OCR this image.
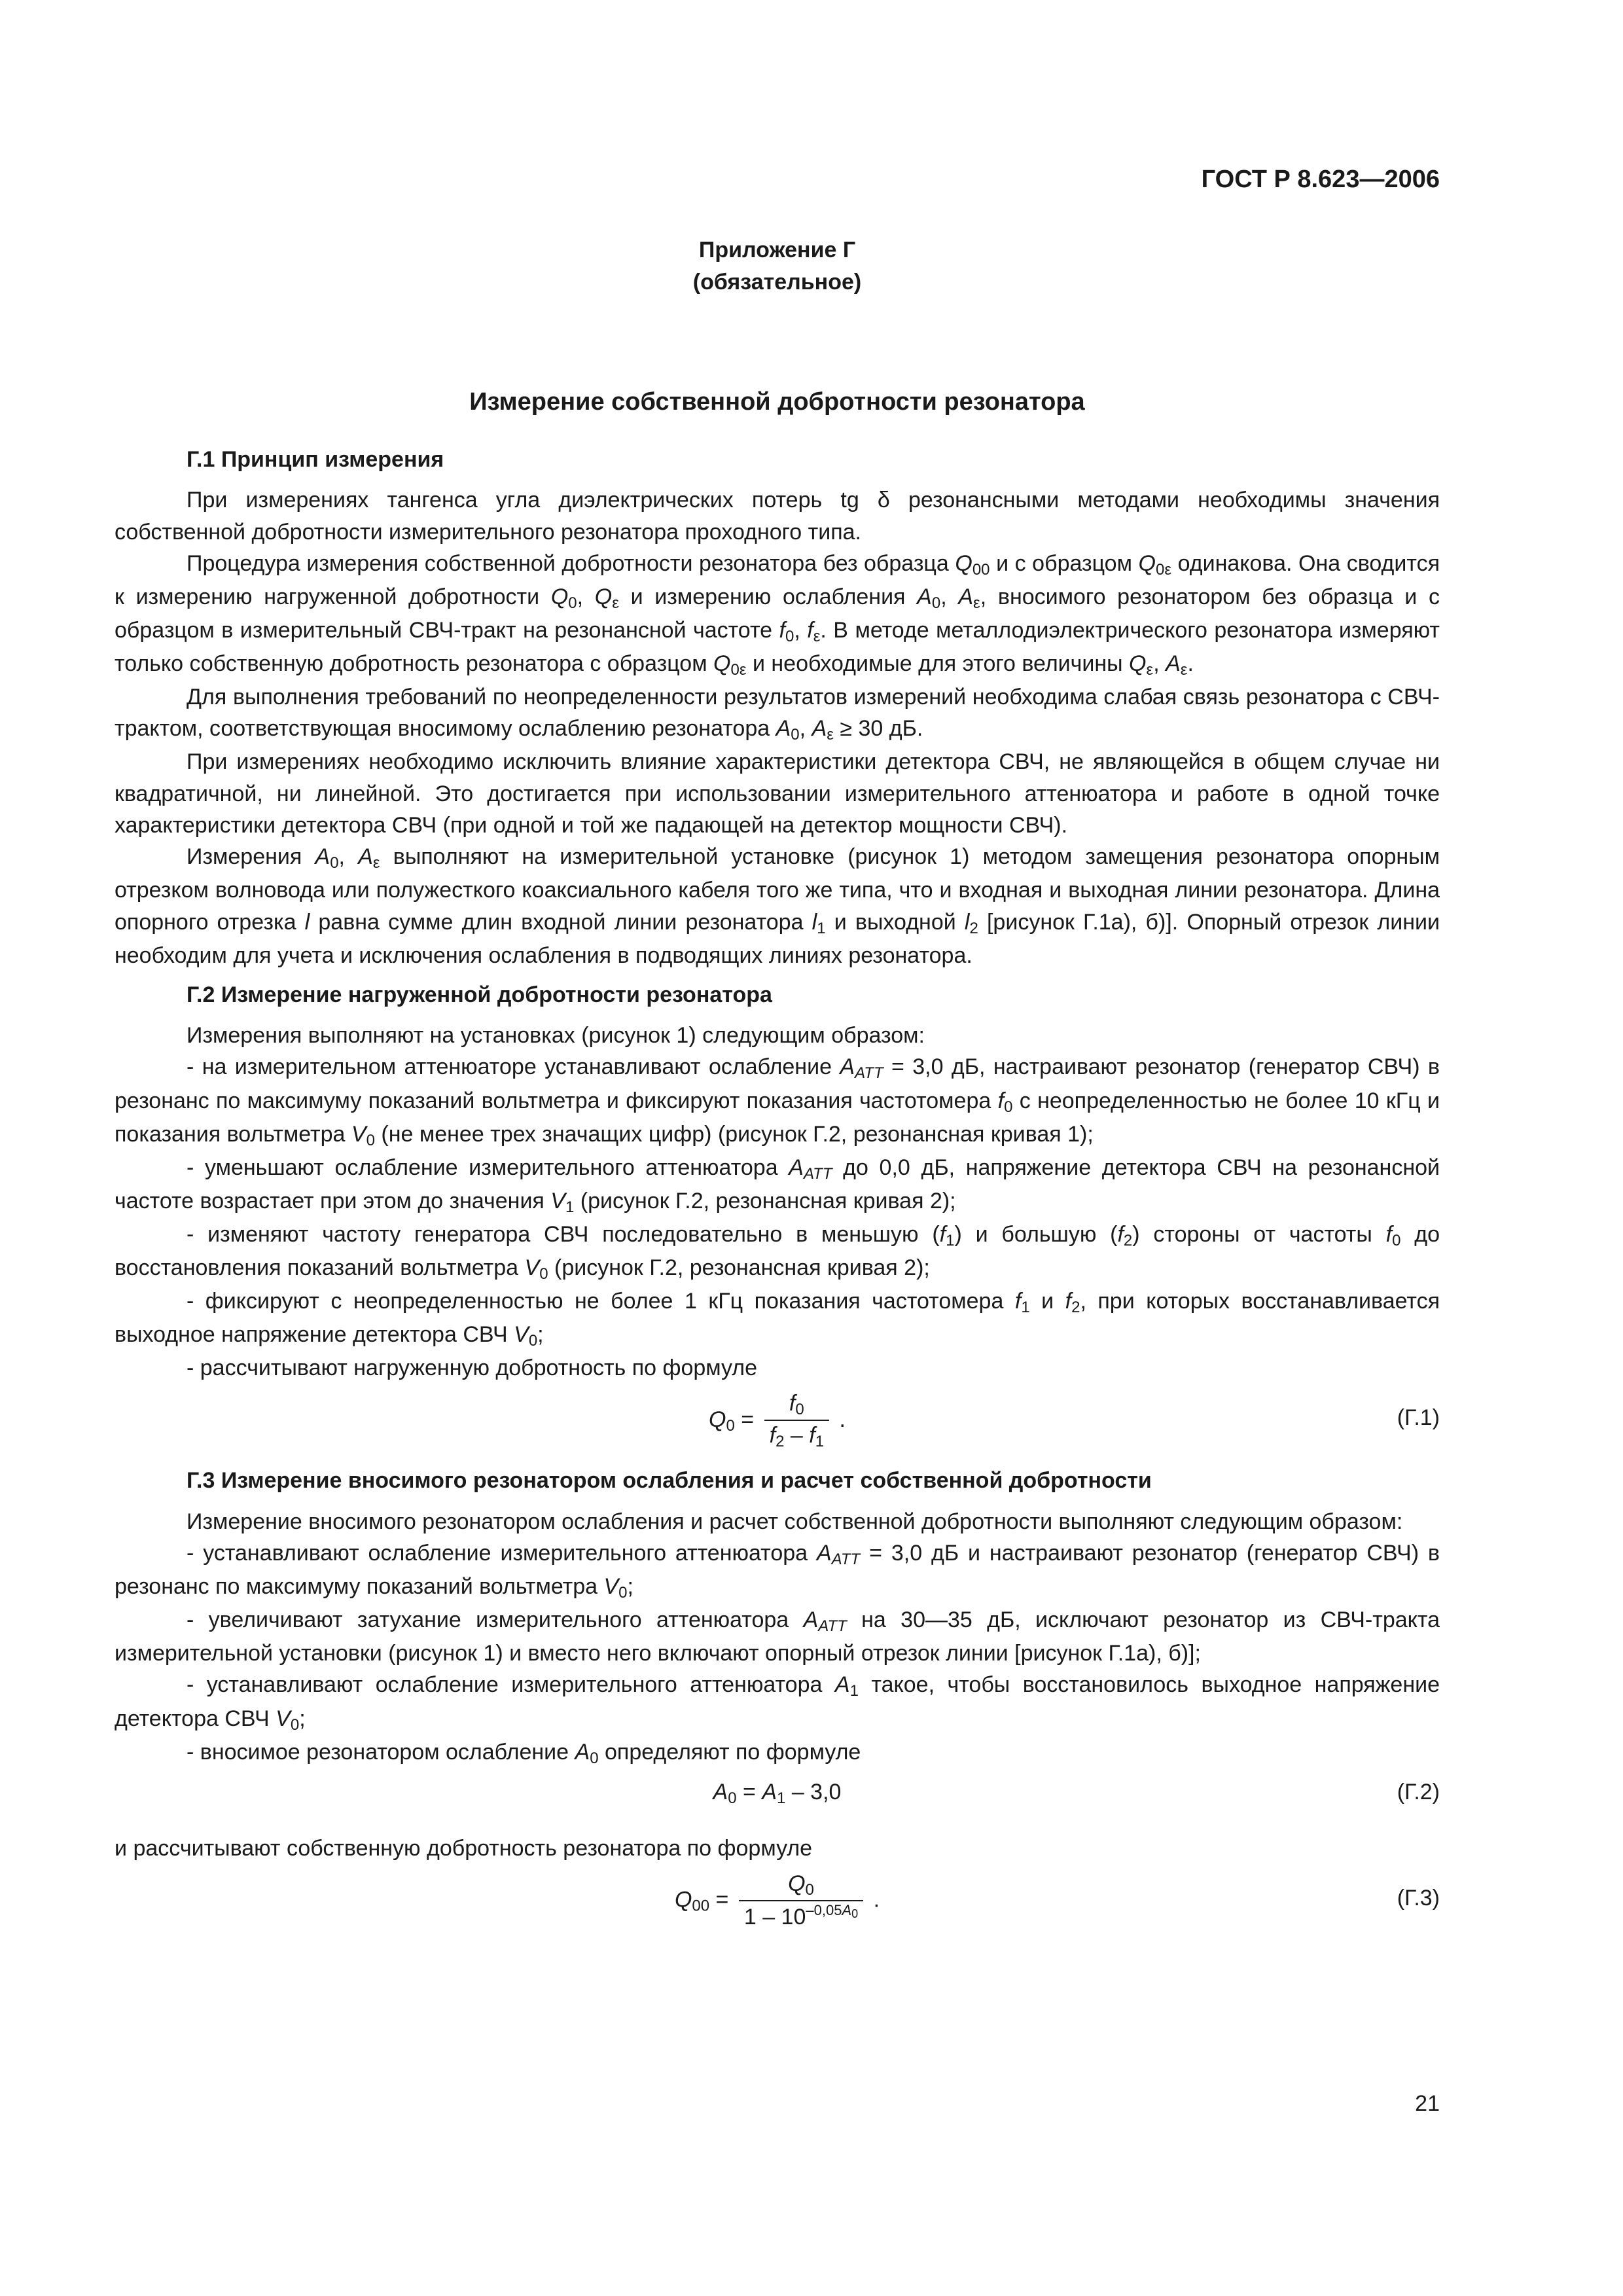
ГОСТ Р 8.623—2006
Приложение Г
(обязательное)
Измерение собственной добротности резонатора
Г.1 Принцип измерения

При измерениях тангенса угла диэлектрических потерь tg δ резонансными методами необходимы значения собственной добротности измерительного резонатора проходного типа.

Процедура измерения собственной добротности резонатора без образца $Q_{00}$ и с образцом $Q_{0\varepsilon}$ одинакова. Она сводится к измерению нагруженной добротности $Q_0$, $Q_\varepsilon$ и измерению ослабления $A_0$, $A_\varepsilon$, вносимого резонатором без образца и с образцом в измерительный СВЧ-тракт на резонансной частоте $f_0$, $f_\varepsilon$. В методе металлодиэлектрического резонатора измеряют только собственную добротность резонатора с образцом $Q_{0\varepsilon}$ и необходимые для этого величины $Q_\varepsilon$, $A_\varepsilon$.

Для выполнения требований по неопределенности результатов измерений необходима слабая связь резонатора с СВЧ-трактом, соответствующая вносимому ослаблению резонатора $A_0$, $A_\varepsilon \ge 30$ дБ.

При измерениях необходимо исключить влияние характеристики детектора СВЧ, не являющейся в общем случае ни квадратичной, ни линейной. Это достигается при использовании измерительного аттенюатора и работе в одной точке характеристики детектора СВЧ (при одной и той же падающей на детектор мощности СВЧ).

Измерения $A_0$, $A_\varepsilon$ выполняют на измерительной установке (рисунок 1) методом замещения резонатора опорным отрезком волновода или полужесткого коаксиального кабеля того же типа, что и входная и выходная линии резонатора. Длина опорного отрезка l равна сумме длин входной линии резонатора $l_1$ и выходной $l_2$ [рисунок Г.1а), б)]. Опорный отрезок линии необходим для учета и исключения ослабления в подводящих линиях резонатора.

Г.2 Измерение нагруженной добротности резонатора

Измерения выполняют на установках (рисунок 1) следующим образом:

- на измерительном аттенюаторе устанавливают ослабление $A_{ATT} = 3,0$ дБ, настраивают резонатор (генератор СВЧ) в резонанс по максимуму показаний вольтметра и фиксируют показания частотомера $f_0$ с неопределенностью не более 10 кГц и показания вольтметра $V_0$ (не менее трех значащих цифр) (рисунок Г.2, резонансная кривая 1);

- уменьшают ослабление измерительного аттенюатора $A_{ATT}$ до 0,0 дБ, напряжение детектора СВЧ на резонансной частоте возрастает при этом до значения $V_1$ (рисунок Г.2, резонансная кривая 2);

- изменяют частоту генератора СВЧ последовательно в меньшую $(f_1)$ и большую $(f_2)$ стороны от частоты $f_0$ до восстановления показаний вольтметра $V_0$ (рисунок Г.2, резонансная кривая 2);

- фиксируют с неопределенностью не более 1 кГц показания частотомера $f_1$ и $f_2$, при которых восстанавливается выходное напряжение детектора СВЧ $V_0$;

- рассчитывают нагруженную добротность по формуле

$Q_0 = \frac{f_0}{f_2 - f_1}$ .	(Г.1)
Г.3 Измерение вносимого резонатором ослабления и расчет собственной добротности

Измерение вносимого резонатором ослабления и расчет собственной добротности выполняют следующим образом:

- устанавливают ослабление измерительного аттенюатора $A_{ATT} = 3,0$ дБ и настраивают резонатор (генератор СВЧ) в резонанс по максимуму показаний вольтметра $V_0$;

- увеличивают затухание измерительного аттенюатора $A_{ATT}$ на 30—35 дБ, исключают резонатор из СВЧ-тракта измерительной установки (рисунок 1) и вместо него включают опорный отрезок линии [рисунок Г.1а), б)];

- устанавливают ослабление измерительного аттенюатора $A_1$ такое, чтобы восстановилось выходное напряжение детектора СВЧ $V_0$;

- вносимое резонатором ослабление $A_0$ определяют по формуле

$A_0 = A_1 - 3,0$	(Г.2)

и рассчитывают собственную добротность резонатора по формуле

$Q_{00} = \frac{Q_0}{1 - 10^{-0,05A_0}}$ .	(Г.3)
21
